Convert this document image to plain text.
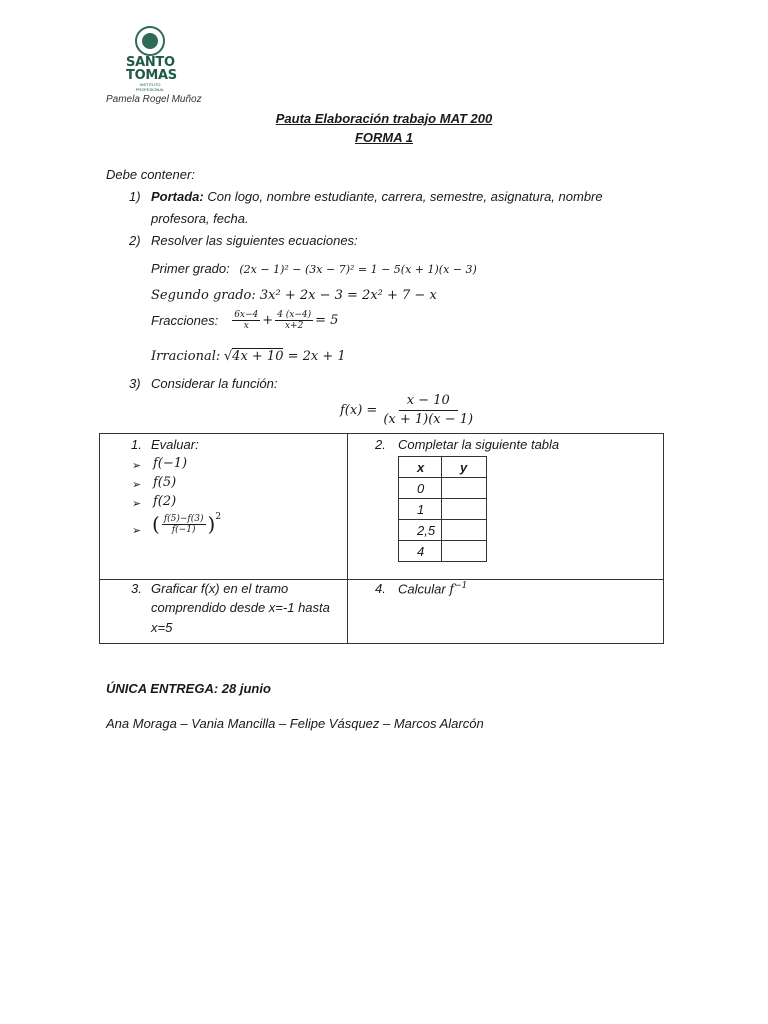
SANTO TOMAS
INSTITUTO PROFESIONAL
Pamela Rogel Muñoz
Pauta Elaboración trabajo MAT 200
FORMA 1
Debe contener:
1) Portada: Con logo, nombre estudiante, carrera, semestre, asignatura, nombre
profesora, fecha.
2) Resolver las siguientes ecuaciones:
Primer grado: (2x − 1)² − (3x − 7)² = 1 − 5(x + 1)(x − 3)
Segundo grado: 3x² + 2x − 3 = 2x² + 7 − x
Fracciones: $\frac{6x-4}{x} + \frac{4 (x-4)}{x+2} = 5$
Irracional: √4x + 10 = 2x + 1
3) Considerar la función:
$f(x) = \frac{x - 10}{(x + 1)(x - 1)}$
1. Evaluar:
➢ f(−1)
➢ f(5)
➢ f(2)
➢ ( $\frac{f(5)-f(3)}{f(-1)}$ ) 2
2. Completar la siguiente tabla
x	y
0	
1	
2,5	
4	
3. Graficar f(x) en el tramo
comprendido desde x=-1 hasta
x=5
4. Calcular $f^{-1}$
ÚNICA ENTREGA: 28 junio
Ana Moraga – Vania Mancilla – Felipe Vásquez – Marcos Alarcón
